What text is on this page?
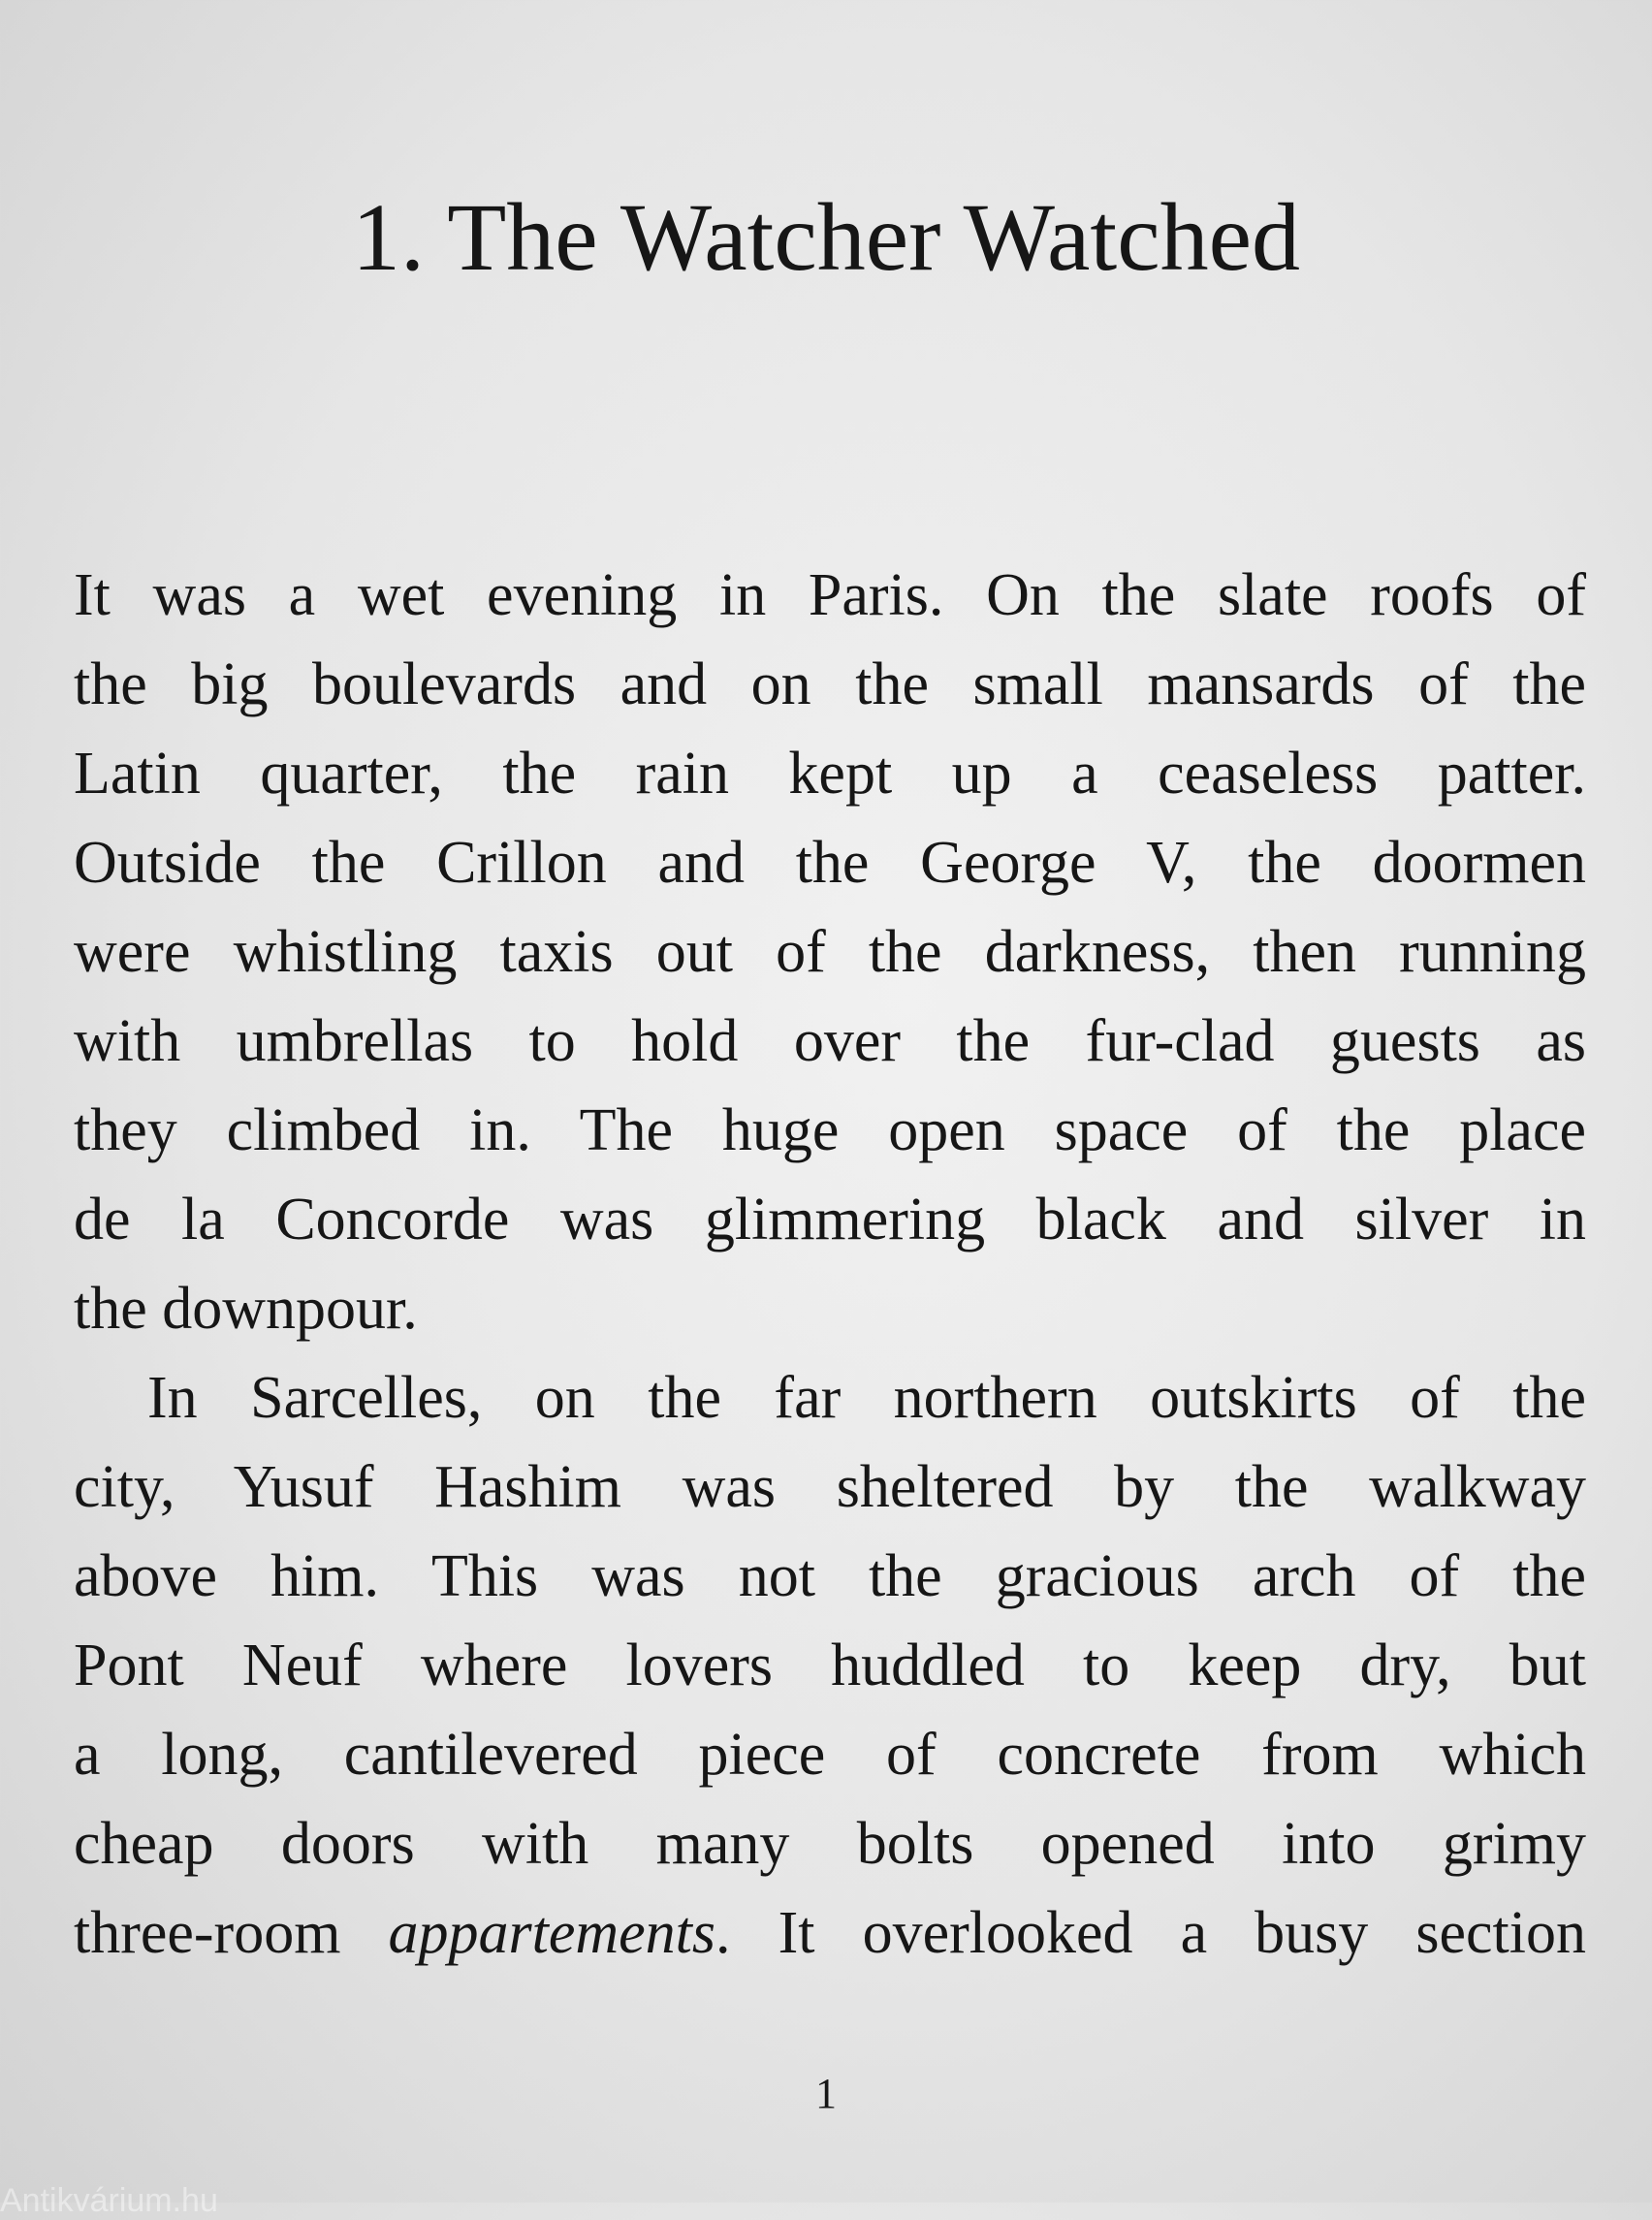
1. The Watcher Watched
It was a wet evening in Paris. On the slate roofs of
the big boulevards and on the small mansards of the
Latin quarter, the rain kept up a ceaseless patter.
Outside the Crillon and the George V, the doormen
were whistling taxis out of the darkness, then running
with umbrellas to hold over the fur-clad guests as
they climbed in. The huge open space of the place
de la Concorde was glimmering black and silver in
the downpour.
In Sarcelles, on the far northern outskirts of the
city, Yusuf Hashim was sheltered by the walkway
above him. This was not the gracious arch of the
Pont Neuf where lovers huddled to keep dry, but
a long, cantilevered piece of concrete from which
cheap doors with many bolts opened into grimy
three-room appartements. It overlooked a busy section
1
Antikvárium.hu
